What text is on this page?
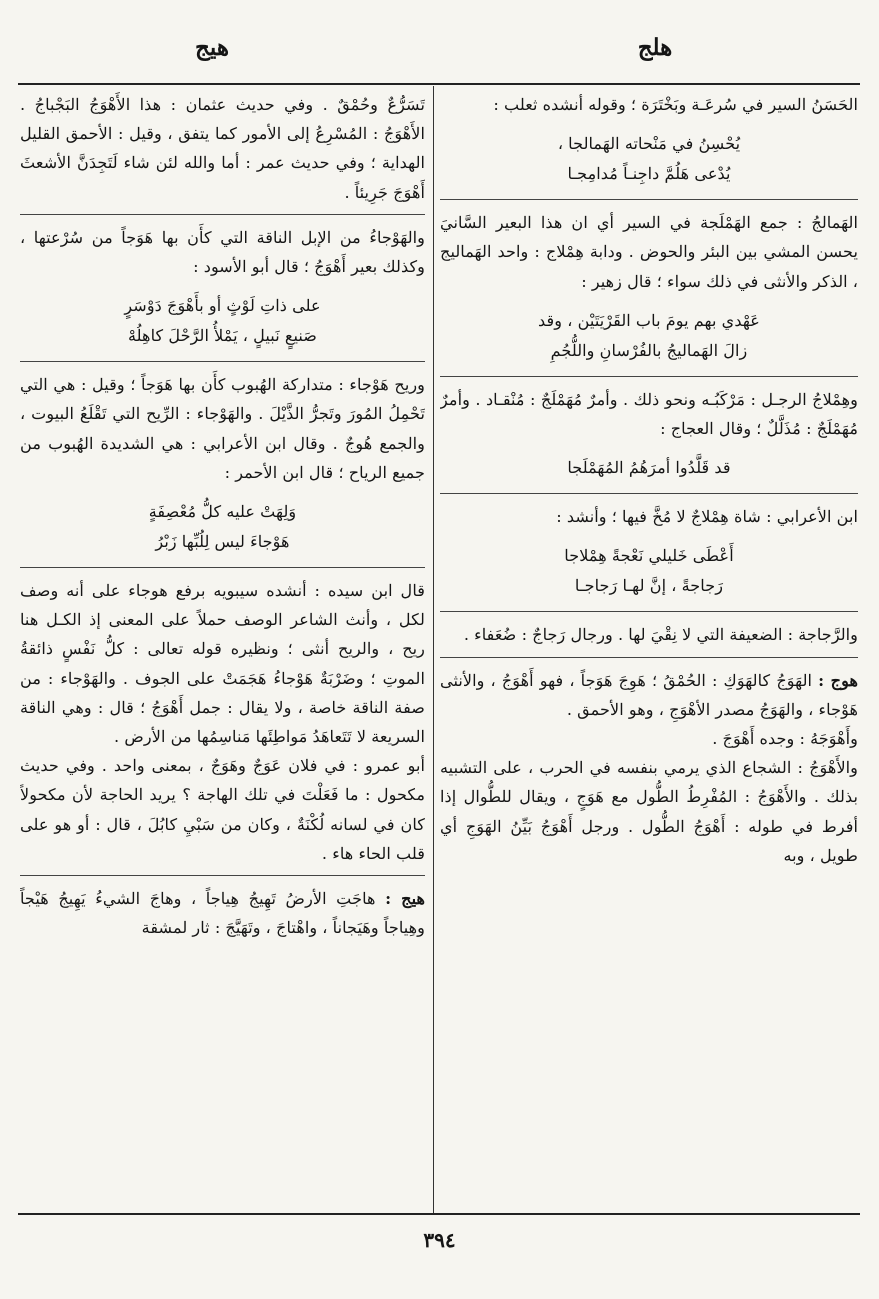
هلج
هيج

الحَسَنُ السير في سُرعَـة وبَخْتَرَة ؛ وقوله أنشده ثعلب :

يُحْسِنُ في مَنْحاته الهَمالجا ،
يُدْعى هَلُمَّ داجِنـاً مُدامِجـا

الهَمالجُ : جمع الهَمْلَجة في السير أي ان هذا البعير السَّانيَ يحسن المشي بين البئر والحوض . ودابة هِمْلاج : واحد الهَماليج ، الذكر والأنثى في ذلك سواء ؛ قال زهير :

عَهْدي بهم يومَ باب القَرْيَتَيْن ، وقد
زالَ الهَماليجُ بالفُرْسانِ واللُّجُمِ

وهِمْلاجُ الرجـل : مَرْكَبُـه ونحو ذلك . وأمرٌ مُهَمْلَجٌ : مُنْقـاد . وأمرٌ مُهَمْلَجٌ : مُذَلَّلٌ ؛ وقال العجاج :

قد قَلَّدُوا أمرَهُمُ المُهَمْلَجا

ابن الأعرابي : شاة هِمْلاجٌ لا مُخَّ فيها ؛ وأنشد :

أَعْطَى خَليلي نَعْجةً هِمْلاجا
رَجاجةً ، إنَّ لهـا رَجاجـا

والرَّجاجة : الضعيفة التي لا نِقْيَ لها . ورجال رَجاجٌ : ضُعَفاء .

هوج : الهَوَجُ كالهَوَكِ : الحُمْقُ ؛ هَوِجَ هَوَجاً ، فهو أَهْوَجُ ، والأنثى هَوْجاء ، والهَوَجُ مصدر الأهْوَجِ ، وهو الأحمق .

وأَهْوَجَهُ : وجده أَهْوَجَ .

والأَهْوَجُ : الشجاع الذي يرمي بنفسه في الحرب ، على التشبيه بذلك . والأَهْوَجُ : المُفْرِطُ الطُّول مع هَوَجٍ ، ويقال للطُّوال إذا أفرط في طوله : أَهْوَجُ الطُّول . ورجل أَهْوَجُ بَيِّنُ الهَوَجِ أي طويل ، وبه

تَسَرُّعٌ وحُمْقٌ . وفي حديث عثمان : هذا الأَهْوَجُ البَجْباجُ . الأَهْوَجُ : المُسْرِعُ إلى الأمور كما يتفق ، وقيل : الأحمق القليل الهداية ؛ وفي حديث عمر : أما والله لئن شاء لَتَجِدَنَّ الأشعثَ أَهْوَجَ جَرِيئاً .

والهَوْجاءُ من الإبل الناقة التي كأَن بها هَوَجاً من سُرْعتها ، وكذلك بعير أَهْوَجُ ؛ قال أبو الأسود :

على ذاتِ لَوْثٍ أو بأَهْوَجَ دَوْسَرٍ
صَنيعٍ نَبيلٍ ، يَمْلأُ الرَّحْلَ كاهِلُهْ

وريح هَوْجاء : متداركة الهُبوب كأَن بها هَوَجاً ؛ وقيل : هي التي تَحْمِلُ المُورَ وتَجرُّ الذَّيْلَ . والهَوْجاء : الرِّيح التي تَقْلَعُ البيوت ، والجمع هُوجٌ . وقال ابن الأعرابي : هي الشديدة الهُبوب من جميع الرياح ؛ قال ابن الأحمر :

وَلِهَتْ عليه كلُّ مُعْصِفَةٍ
هَوْجاءَ ليس لِلُبِّها زَبْرُ

قال ابن سيده : أنشده سيبويه برفع هوجاء على أنه وصف لكل ، وأنث الشاعر الوصف حملاً على المعنى إذ الكـل هنا ريح ، والريح أنثى ؛ ونظيره قوله تعالى : كلُّ نَفْسٍ ذائقةُ الموتِ ؛ وضَرْبَةٌ هَوْجاءُ هَجَمَتْ على الجوف . والهَوْجاء : من صفة الناقة خاصة ، ولا يقال : جمل أَهْوَجُ ؛ قال : وهي الناقة السريعة لا تَتَعاهَدُ مَواطِئَها مَناسِمُها من الأرض .

أبو عمرو : في فلان عَوَجٌ وهَوَجٌ ، بمعنى واحد . وفي حديث مكحول : ما فَعَلْتَ في تلك الهاجة ؟ يريد الحاجة لأن مكحولاً كان في لسانه لُكْنَةٌ ، وكان من سَبْيِ كابُلَ ، قال : أو هو على قلب الحاء هاء .

هيج : هاجَتِ الأرضُ تَهِيجُ هِياجاً ، وهاجَ الشيءُ يَهِيجُ هَيْجاً وهِياجاً وهَيَجاناً ، واهْتاجَ ، وتَهَيَّجَ : ثار لمشقة

٣٩٤
